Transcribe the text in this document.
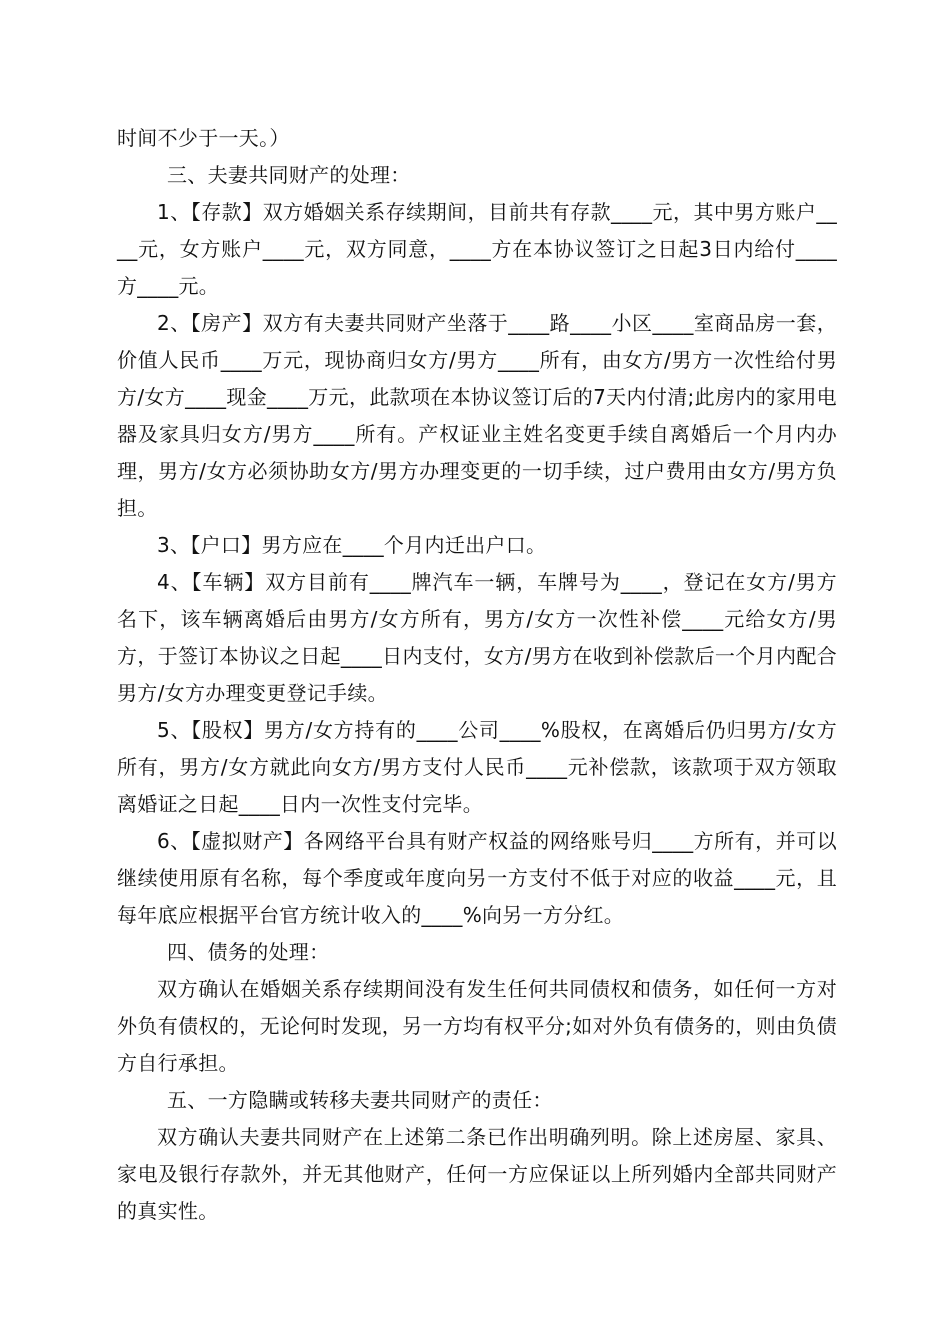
时间不少于一天。）

三、夫妻共同财产的处理：

1、【存款】双方婚姻关系存续期间，目前共有存款____元，其中男方账户____元，女方账户____元，双方同意，____方在本协议签订之日起3日内给付____方____元。

2、【房产】双方有夫妻共同财产坐落于____路____小区____室商品房一套，价值人民币____万元，现协商归女方/男方____所有，由女方/男方一次性给付男方/女方____现金____万元，此款项在本协议签订后的7天内付清;此房内的家用电器及家具归女方/男方____所有。产权证业主姓名变更手续自离婚后一个月内办理，男方/女方必须协助女方/男方办理变更的一切手续，过户费用由女方/男方负担。

3、【户口】男方应在____个月内迁出户口。

4、【车辆】双方目前有____牌汽车一辆，车牌号为____，登记在女方/男方名下，该车辆离婚后由男方/女方所有，男方/女方一次性补偿____元给女方/男方，于签订本协议之日起____日内支付，女方/男方在收到补偿款后一个月内配合男方/女方办理变更登记手续。

5、【股权】男方/女方持有的____公司____%股权，在离婚后仍归男方/女方所有，男方/女方就此向女方/男方支付人民币____元补偿款，该款项于双方领取离婚证之日起____日内一次性支付完毕。

6、【虚拟财产】各网络平台具有财产权益的网络账号归____方所有，并可以继续使用原有名称，每个季度或年度向另一方支付不低于对应的收益____元，且每年底应根据平台官方统计收入的____%向另一方分红。

四、债务的处理：

双方确认在婚姻关系存续期间没有发生任何共同债权和债务，如任何一方对外负有债权的，无论何时发现，另一方均有权平分;如对外负有债务的，则由负债方自行承担。

五、一方隐瞒或转移夫妻共同财产的责任：

双方确认夫妻共同财产在上述第二条已作出明确列明。除上述房屋、家具、家电及银行存款外，并无其他财产，任何一方应保证以上所列婚内全部共同财产的真实性。
